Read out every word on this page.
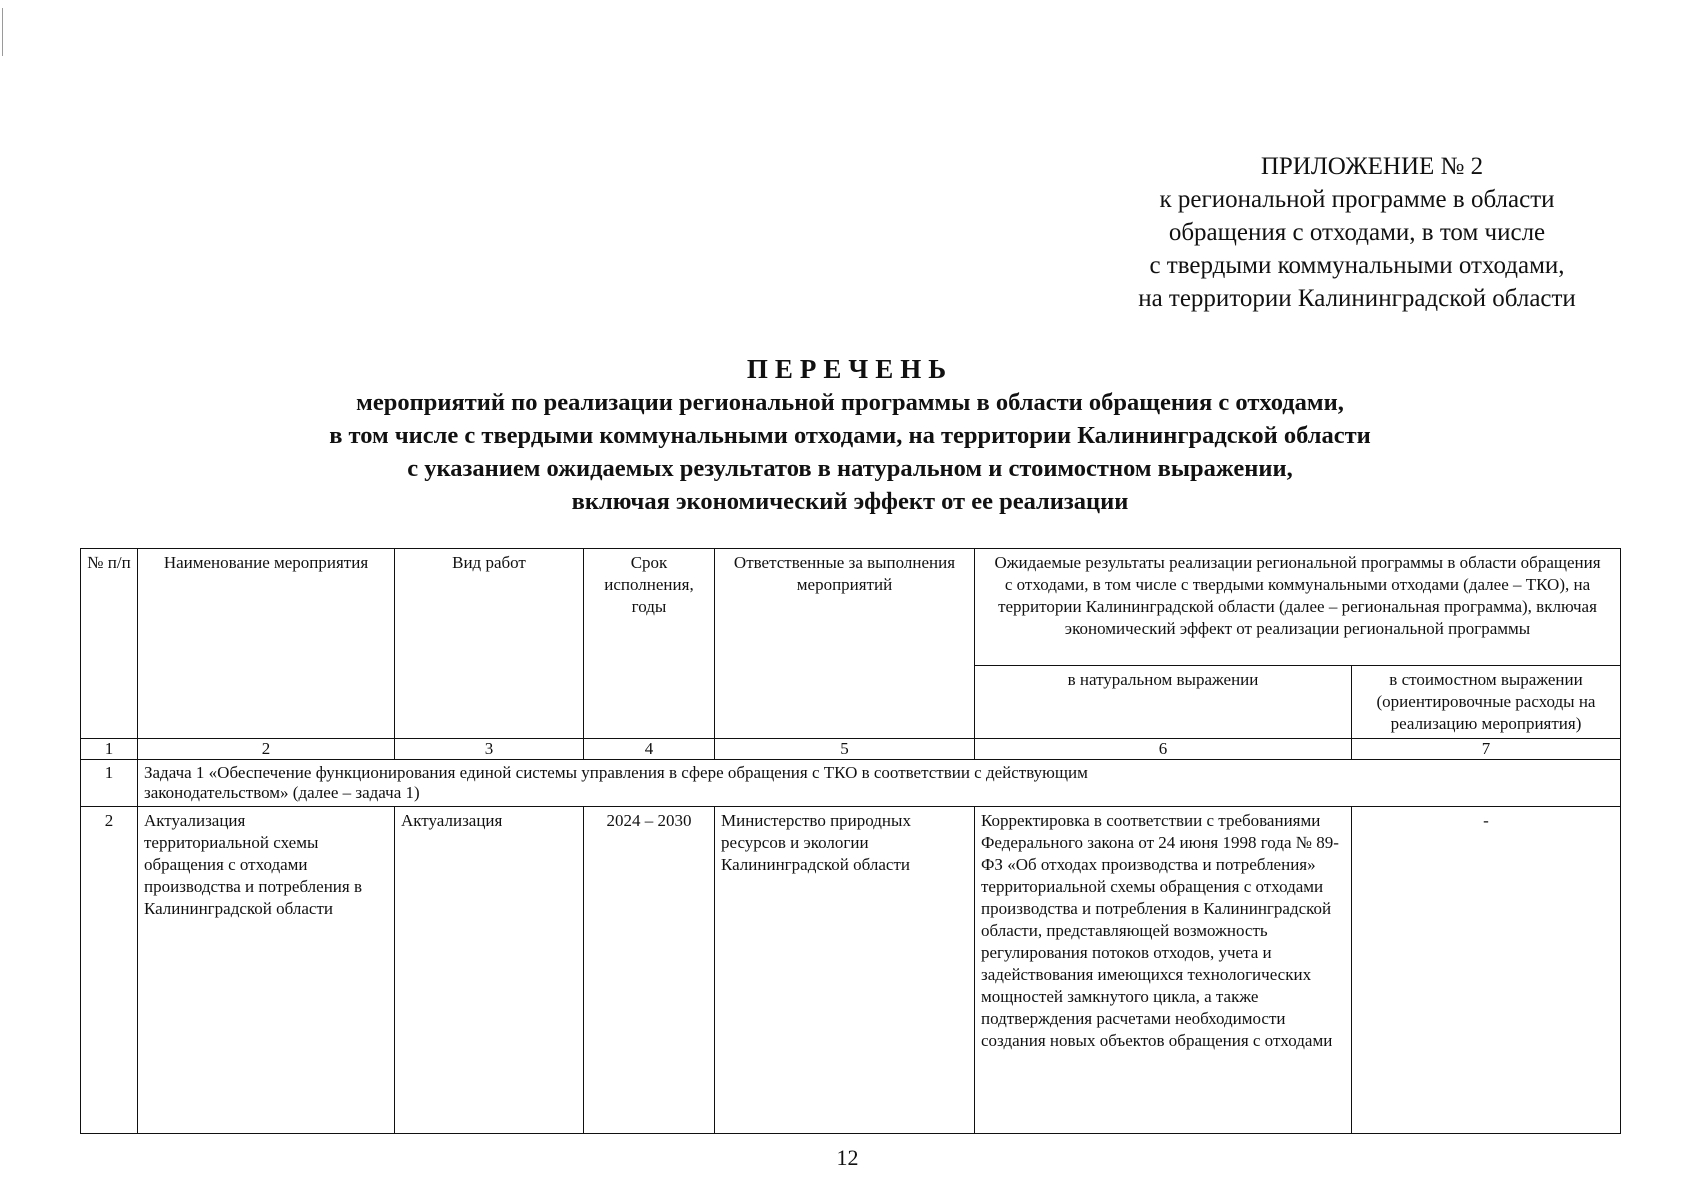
ПРИЛОЖЕНИЕ № 2
к региональной программе в области
обращения с отходами, в том числе
с твердыми коммунальными отходами,
на территории Калининградской области
ПЕРЕЧЕНЬ
мероприятий по реализации региональной программы в области обращения с отходами,
в том числе с твердыми коммунальными отходами, на территории Калининградской области
с указанием ожидаемых результатов в натуральном и стоимостном выражении,
включая экономический эффект от ее реализации
№ п/п	Наименование мероприятия	Вид работ	Срок исполнения, годы	Ответственные за выполнения мероприятий	Ожидаемые результаты реализации региональной программы в области обращения с отходами, в том числе с твердыми коммунальными отходами (далее – ТКО), на территории Калининградской области (далее – региональная программа), включая экономический эффект от реализации региональной программы	
					в натуральном выражении	в стоимостном выражении (ориентировочные расходы на реализацию мероприятия)
1	2	3	4	5	6	7
1	Задача 1 «Обеспечение функционирования единой системы управления в сфере обращения с ТКО в соответствии с действующим законодательством» (далее – задача 1)					
2	Актуализация территориальной схемы обращения с отходами производства и потребления в Калининградской области	Актуализация	2024 – 2030	Министерство природных ресурсов и экологии Калининградской области	Корректировка в соответствии с требованиями Федерального закона от 24 июня 1998 года № 89-ФЗ «Об отходах производства и потребления» территориальной схемы обращения с отходами производства и потребления в Калининградской области, представляющей возможность регулирования потоков отходов, учета и задействования имеющихся технологических мощностей замкнутого цикла, а также подтверждения расчетами необходимости создания новых объектов обращения с отходами	-
12
